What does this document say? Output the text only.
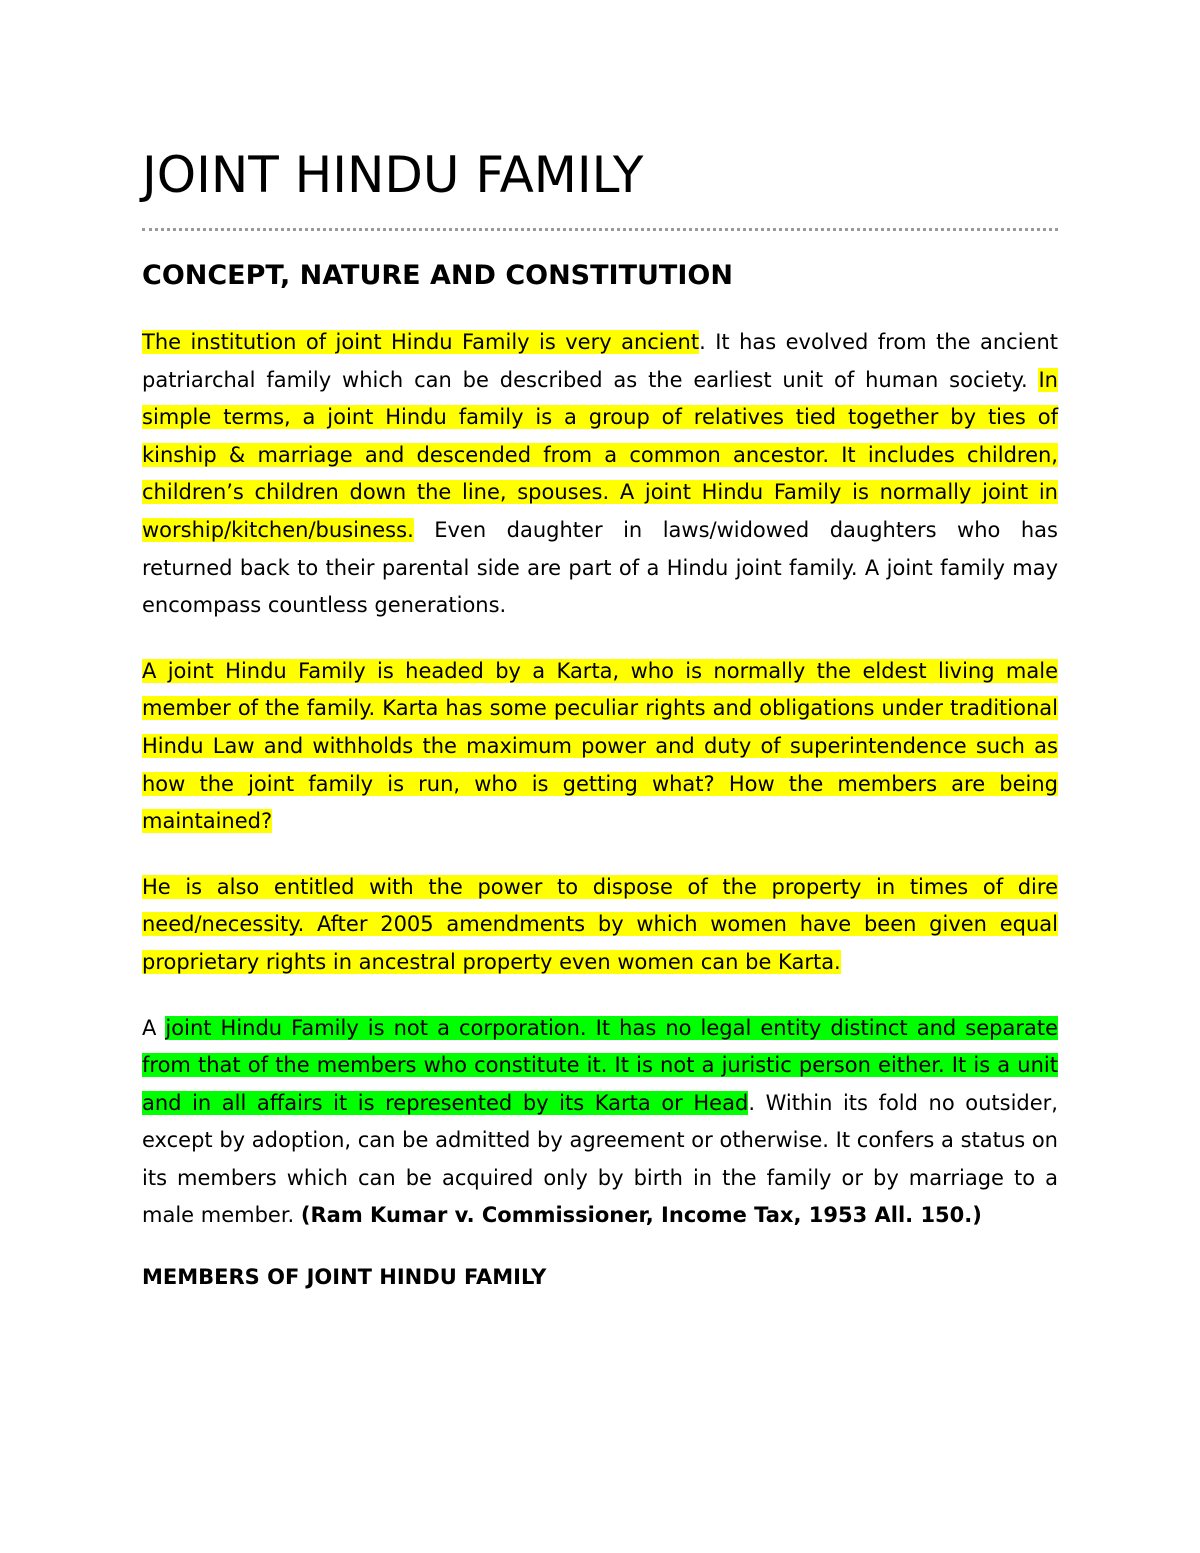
JOINT HINDU FAMILY
CONCEPT, NATURE AND CONSTITUTION

The institution of joint Hindu Family is very ancient. It has evolved from the ancient patriarchal family which can be described as the earliest unit of human society. In simple terms, a joint Hindu family is a group of relatives tied together by ties of kinship & marriage and descended from a common ancestor. It includes children, children’s children down the line, spouses. A joint Hindu Family is normally joint in worship/kitchen/business. Even daughter in laws/widowed daughters who has returned back to their parental side are part of a Hindu joint family. A joint family may encompass countless generations.

A joint Hindu Family is headed by a Karta, who is normally the eldest living male member of the family. Karta has some peculiar rights and obligations under traditional Hindu Law and withholds the maximum power and duty of superintendence such as how the joint family is run, who is getting what? How the members are being maintained?

He is also entitled with the power to dispose of the property in times of dire need/necessity. After 2005 amendments by which women have been given equal proprietary rights in ancestral property even women can be Karta.

A joint Hindu Family is not a corporation. It has no legal entity distinct and separate from that of the members who constitute it. It is not a juristic person either. It is a unit and in all affairs it is represented by its Karta or Head. Within its fold no outsider, except by adoption, can be admitted by agreement or otherwise. It confers a status on its members which can be acquired only by birth in the family or by marriage to a male member. (Ram Kumar v. Commissioner, Income Tax, 1953 All. 150.)

MEMBERS OF JOINT HINDU FAMILY
